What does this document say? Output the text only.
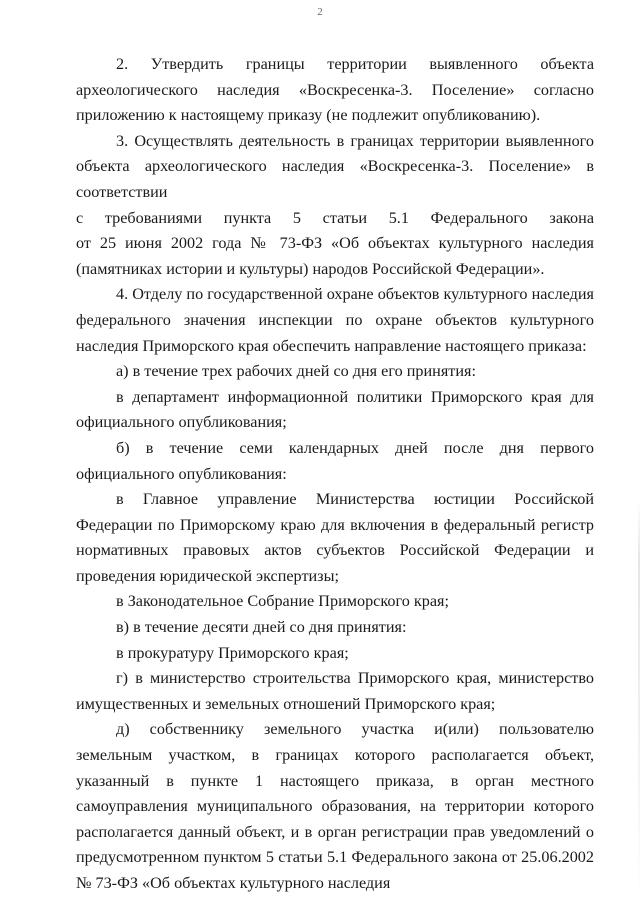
2

2. Утвердить границы территории выявленного объекта археологического наследия «Воскресенка-3. Поселение» согласно приложению к настоящему приказу (не подлежит опубликованию).

3. Осуществлять деятельность в границах территории выявленного объекта археологического наследия «Воскресенка-3. Поселение» в соответствии

с требованиями пункта 5 статьи 5.1 Федерального закона

от 25 июня 2002 года № 73-ФЗ «Об объектах культурного наследия (памятниках истории и культуры) народов Российской Федерации».

4. Отделу по государственной охране объектов культурного наследия федерального значения инспекции по охране объектов культурного наследия Приморского края обеспечить направление настоящего приказа:

а) в течение трех рабочих дней со дня его принятия:

в департамент информационной политики Приморского края для официального опубликования;

б) в течение семи календарных дней после дня первого официального опубликования:

в Главное управление Министерства юстиции Российской Федерации по Приморскому краю для включения в федеральный регистр нормативных правовых актов субъектов Российской Федерации и проведения юридической экспертизы;

в Законодательное Собрание Приморского края;

в) в течение десяти дней со дня принятия:

в прокуратуру Приморского края;

г) в министерство строительства Приморского края, министерство имущественных и земельных отношений Приморского края;

д) собственнику земельного участка и(или) пользователю земельным участком, в границах которого располагается объект, указанный в пункте 1 настоящего приказа, в орган местного самоуправления муниципального образования, на территории которого располагается данный объект, и в орган регистрации прав уведомлений о предусмотренном пунктом 5 статьи 5.1 Федерального закона от 25.06.2002 № 73-ФЗ «Об объектах культурного наследия
